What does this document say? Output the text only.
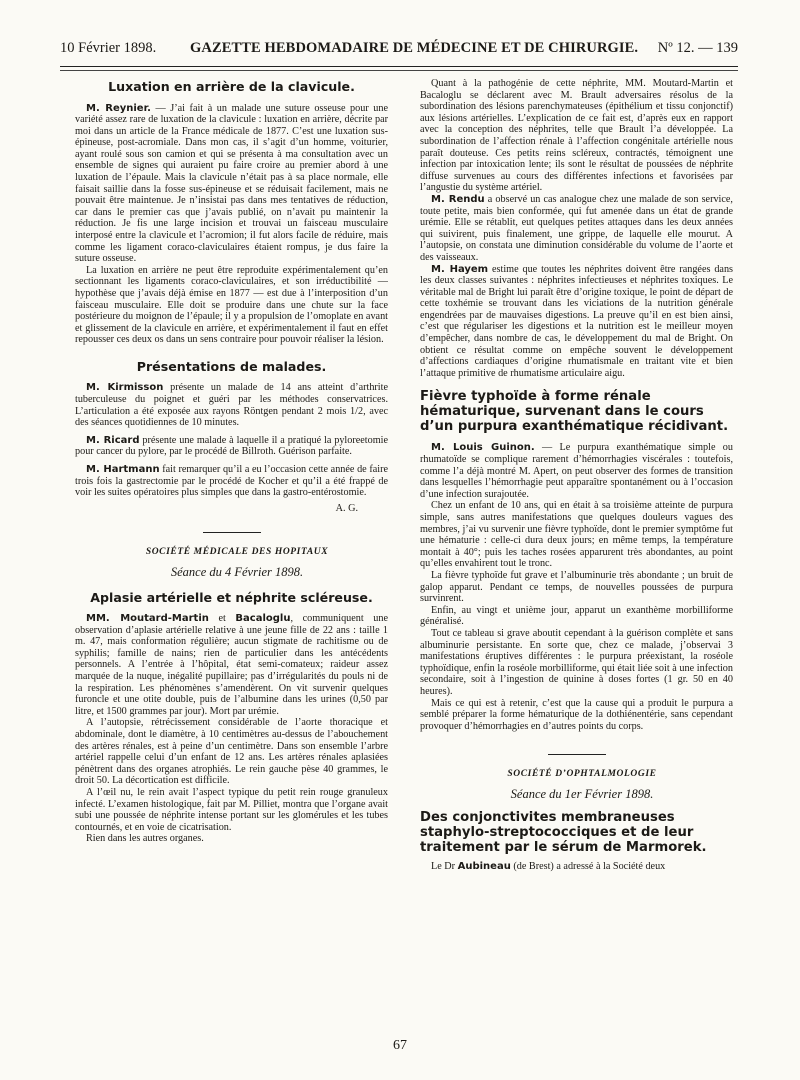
10 Février 1898. GAZETTE HEBDOMADAIRE DE MÉDECINE ET DE CHIRURGIE. Nº 12. — 139
Luxation en arrière de la clavicule.

M. Reynier. — J’ai fait à un malade une suture osseuse pour une variété assez rare de luxation de la clavicule : luxation en arrière, décrite par moi dans un article de la France médicale de 1877. C’est une luxation sus-épineuse, post-acromiale. Dans mon cas, il s’agit d’un homme, voiturier, ayant roulé sous son camion et qui se présenta à ma consultation avec un ensemble de signes qui auraient pu faire croire au premier abord à une luxation de l’épaule. Mais la clavicule n’était pas à sa place normale, elle faisait saillie dans la fosse sus-épineuse et se réduisait facilement, mais ne pouvait être maintenue. Je n’insistai pas dans mes tentatives de réduction, car dans le premier cas que j’avais publié, on n’avait pu maintenir la réduction. Je fis une large incision et trouvai un faisceau musculaire interposé entre la clavicule et l’acromion; il fut alors facile de réduire, mais comme les ligament coraco-claviculaires étaient rompus, je dus faire la suture osseuse.

La luxation en arrière ne peut être reproduite expérimentalement qu’en sectionnant les ligaments coraco-claviculaires, et son irréductibilité — hypothèse que j’avais déjà émise en 1877 — est due à l’interposition d’un faisceau musculaire. Elle doit se produire dans une chute sur la face postérieure du moignon de l’épaule; il y a propulsion de l’omoplate en avant et glissement de la clavicule en arrière, et expérimentalement il faut en effet repousser ces deux os dans un sens contraire pour pouvoir réaliser la lésion.

Présentations de malades.

M. Kirmisson présente un malade de 14 ans atteint d’arthrite tuberculeuse du poignet et guéri par les méthodes conservatrices. L’articulation a été exposée aux rayons Röntgen pendant 2 mois 1/2, avec des séances quotidiennes de 10 minutes.

M. Ricard présente une malade à laquelle il a pratiqué la pyloreetomie pour cancer du pylore, par le procédé de Billroth. Guérison parfaite.

M. Hartmann fait remarquer qu’il a eu l’occasion cette année de faire trois fois la gastrectomie par le procédé de Kocher et qu’il a été frappé de voir les suites opératoires plus simples que dans la gastro-entérostomie.

A. G.

SOCIÉTÉ MÉDICALE DES HOPITAUX

Séance du 4 Février 1898.

Aplasie artérielle et néphrite scléreuse.

MM. Moutard-Martin et Bacaloglu, communiquent une observation d’aplasie artérielle relative à une jeune fille de 22 ans : taille 1 m. 47, mais conformation régulière; aucun stigmate de rachitisme ou de syphilis; famille de nains; rien de particulier dans les antécédents personnels. A l’entrée à l’hôpital, état semi-comateux; raideur assez marquée de la nuque, inégalité pupillaire; pas d’irrégularités du pouls ni de la respiration. Les phénomènes s’amendèrent. On vit survenir quelques furoncle et une otite double, puis de l’albumine dans les urines (0,50 par litre, et 1500 grammes par jour). Mort par urémie.

A l’autopsie, rétrécissement considérable de l’aorte thoracique et abdominale, dont le diamètre, à 10 centimètres au-dessus de l’abouchement des artères rénales, est à peine d’un centimètre. Dans son ensemble l’arbre artériel rappelle celui d’un enfant de 12 ans. Les artères rénales aplasiées pénètrent dans des organes atrophiés. Le rein gauche pèse 40 grammes, le droit 50. La décortication est difficile.

A l’œil nu, le rein avait l’aspect typique du petit rein rouge granuleux infecté. L’examen histologique, fait par M. Pilliet, montra que l’organe avait subi une poussée de néphrite intense portant sur les glomérules et les tubes contournés, et en voie de cicatrisation.

Rien dans les autres organes.

Quant à la pathogénie de cette néphrite, MM. Moutard-Martin et Bacaloglu se déclarent avec M. Brault adversaires résolus de la subordination des lésions parenchymateuses (épithélium et tissu conjonctif) aux lésions artérielles. L’explication de ce fait est, d’après eux en rapport avec la conception des néphrites, telle que Brault l’a développée. La subordination de l’affection rénale à l’affection congénitale artérielle nous paraît douteuse. Ces petits reins scléreux, contractés, témoignent une infection par intoxication lente; ils sont le résultat de poussées de néphrite diffuse survenues au cours des différentes infections et favorisées par l’angustie du système artériel.

M. Rendu a observé un cas analogue chez une malade de son service, toute petite, mais bien conformée, qui fut amenée dans un état de grande urémie. Elle se rétablit, eut quelques petites attaques dans les deux années qui suivirent, puis finalement, une grippe, de laquelle elle mourut. A l’autopsie, on constata une diminution considérable du volume de l’aorte et des vaisseaux.

M. Hayem estime que toutes les néphrites doivent être rangées dans les deux classes suivantes : néphrites infectieuses et néphrites toxiques. Le véritable mal de Bright lui paraît être d’origine toxique, le point de départ de cette toxhémie se trouvant dans les viciations de la nutrition générale engendrées par de mauvaises digestions. La preuve qu’il en est bien ainsi, c’est que régulariser les digestions et la nutrition est le meilleur moyen d’empêcher, dans nombre de cas, le développement du mal de Bright. On obtient ce résultat comme on empêche souvent le développement d’affections cardiaques d’origine rhumatismale en traitant vite et bien l’attaque primitive de rhumatisme articulaire aigu.

Fièvre typhoïde à forme rénale hématurique, survenant dans le cours d’un purpura exanthématique récidivant.

M. Louis Guinon. — Le purpura exanthématique simple ou rhumatoïde se complique rarement d’hémorrhagies viscérales : toutefois, comme l’a déjà montré M. Apert, on peut observer des formes de transition dans lesquelles l’hémorrhagie peut apparaître spontanément ou à l’occasion d’une infection surajoutée.

Chez un enfant de 10 ans, qui en était à sa troisième atteinte de purpura simple, sans autres manifestations que quelques douleurs vagues des membres, j’ai vu survenir une fièvre typhoïde, dont le premier symptôme fut une hématurie : celle-ci dura deux jours; en même temps, la température montait à 40°; puis les taches rosées apparurent très abondantes, au point qu’elles envahirent tout le tronc.

La fièvre typhoïde fut grave et l’albuminurie très abondante ; un bruit de galop apparut. Pendant ce temps, de nouvelles poussées de purpura survinrent.

Enfin, au vingt et unième jour, apparut un exanthème morbilliforme généralisé.

Tout ce tableau si grave aboutit cependant à la guérison complète et sans albuminurie persistante. En sorte que, chez ce malade, j’observai 3 manifestations éruptives différentes : le purpura préexistant, la roséole typhoïdique, enfin la roséole morbilliforme, qui était liée soit à une infection secondaire, soit à l’ingestion de quinine à doses fortes (1 gr. 50 en 40 heures).

Mais ce qui est à retenir, c’est que la cause qui a produit le purpura a semblé préparer la forme hématurique de la dothiénentérie, sans cependant provoquer d’hémorrhagies en d’autres points du corps.

SOCIÉTÉ D’OPHTALMOLOGIE

Séance du 1er Février 1898.

Des conjonctivites membraneuses staphylo-streptococciques et de leur traitement par le sérum de Marmorek.

Le Dr Aubineau (de Brest) a adressé à la Société deux

67
